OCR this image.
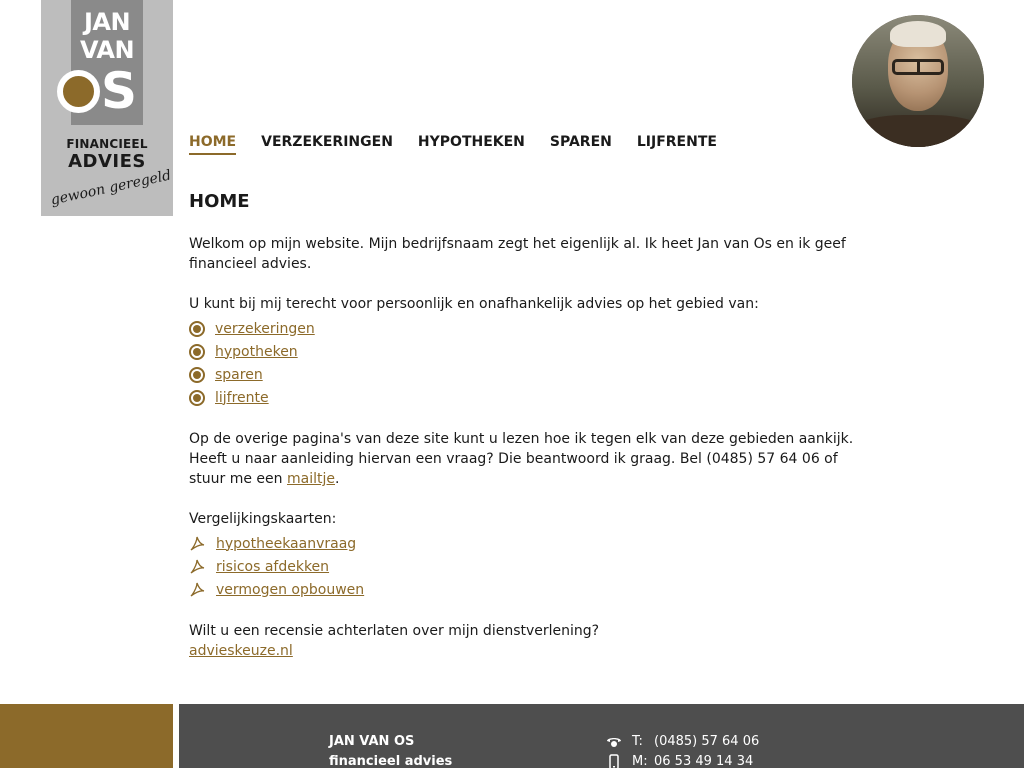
JAN
VAN
S
FINANCIEEL
ADVIES
gewoon geregeld
HOME VERZEKERINGEN HYPOTHEKEN SPAREN LIJFRENTE
HOME

Welkom op mijn website. Mijn bedrijfsnaam zegt het eigenlijk al. Ik heet Jan van Os en ik geef financieel advies.

U kunt bij mij terecht voor persoonlijk en onafhankelijk advies op het gebied van:

verzekeringen
hypotheken
sparen
lijfrente

Op de overige pagina's van deze site kunt u lezen hoe ik tegen elk van deze gebieden aankijk. Heeft u naar aanleiding hiervan een vraag? Die beantwoord ik graag. Bel (0485) 57 64 06 of stuur me een mailtje.

Vergelijkingskaarten:

hypotheekaanvraag
risicos afdekken
vermogen opbouwen

Wilt u een recensie achterlaten over mijn dienstverlening?

advieskeuze.nl
JAN VAN OS
financieel advies
T: (0485) 57 64 06
M: 06 53 49 14 34
